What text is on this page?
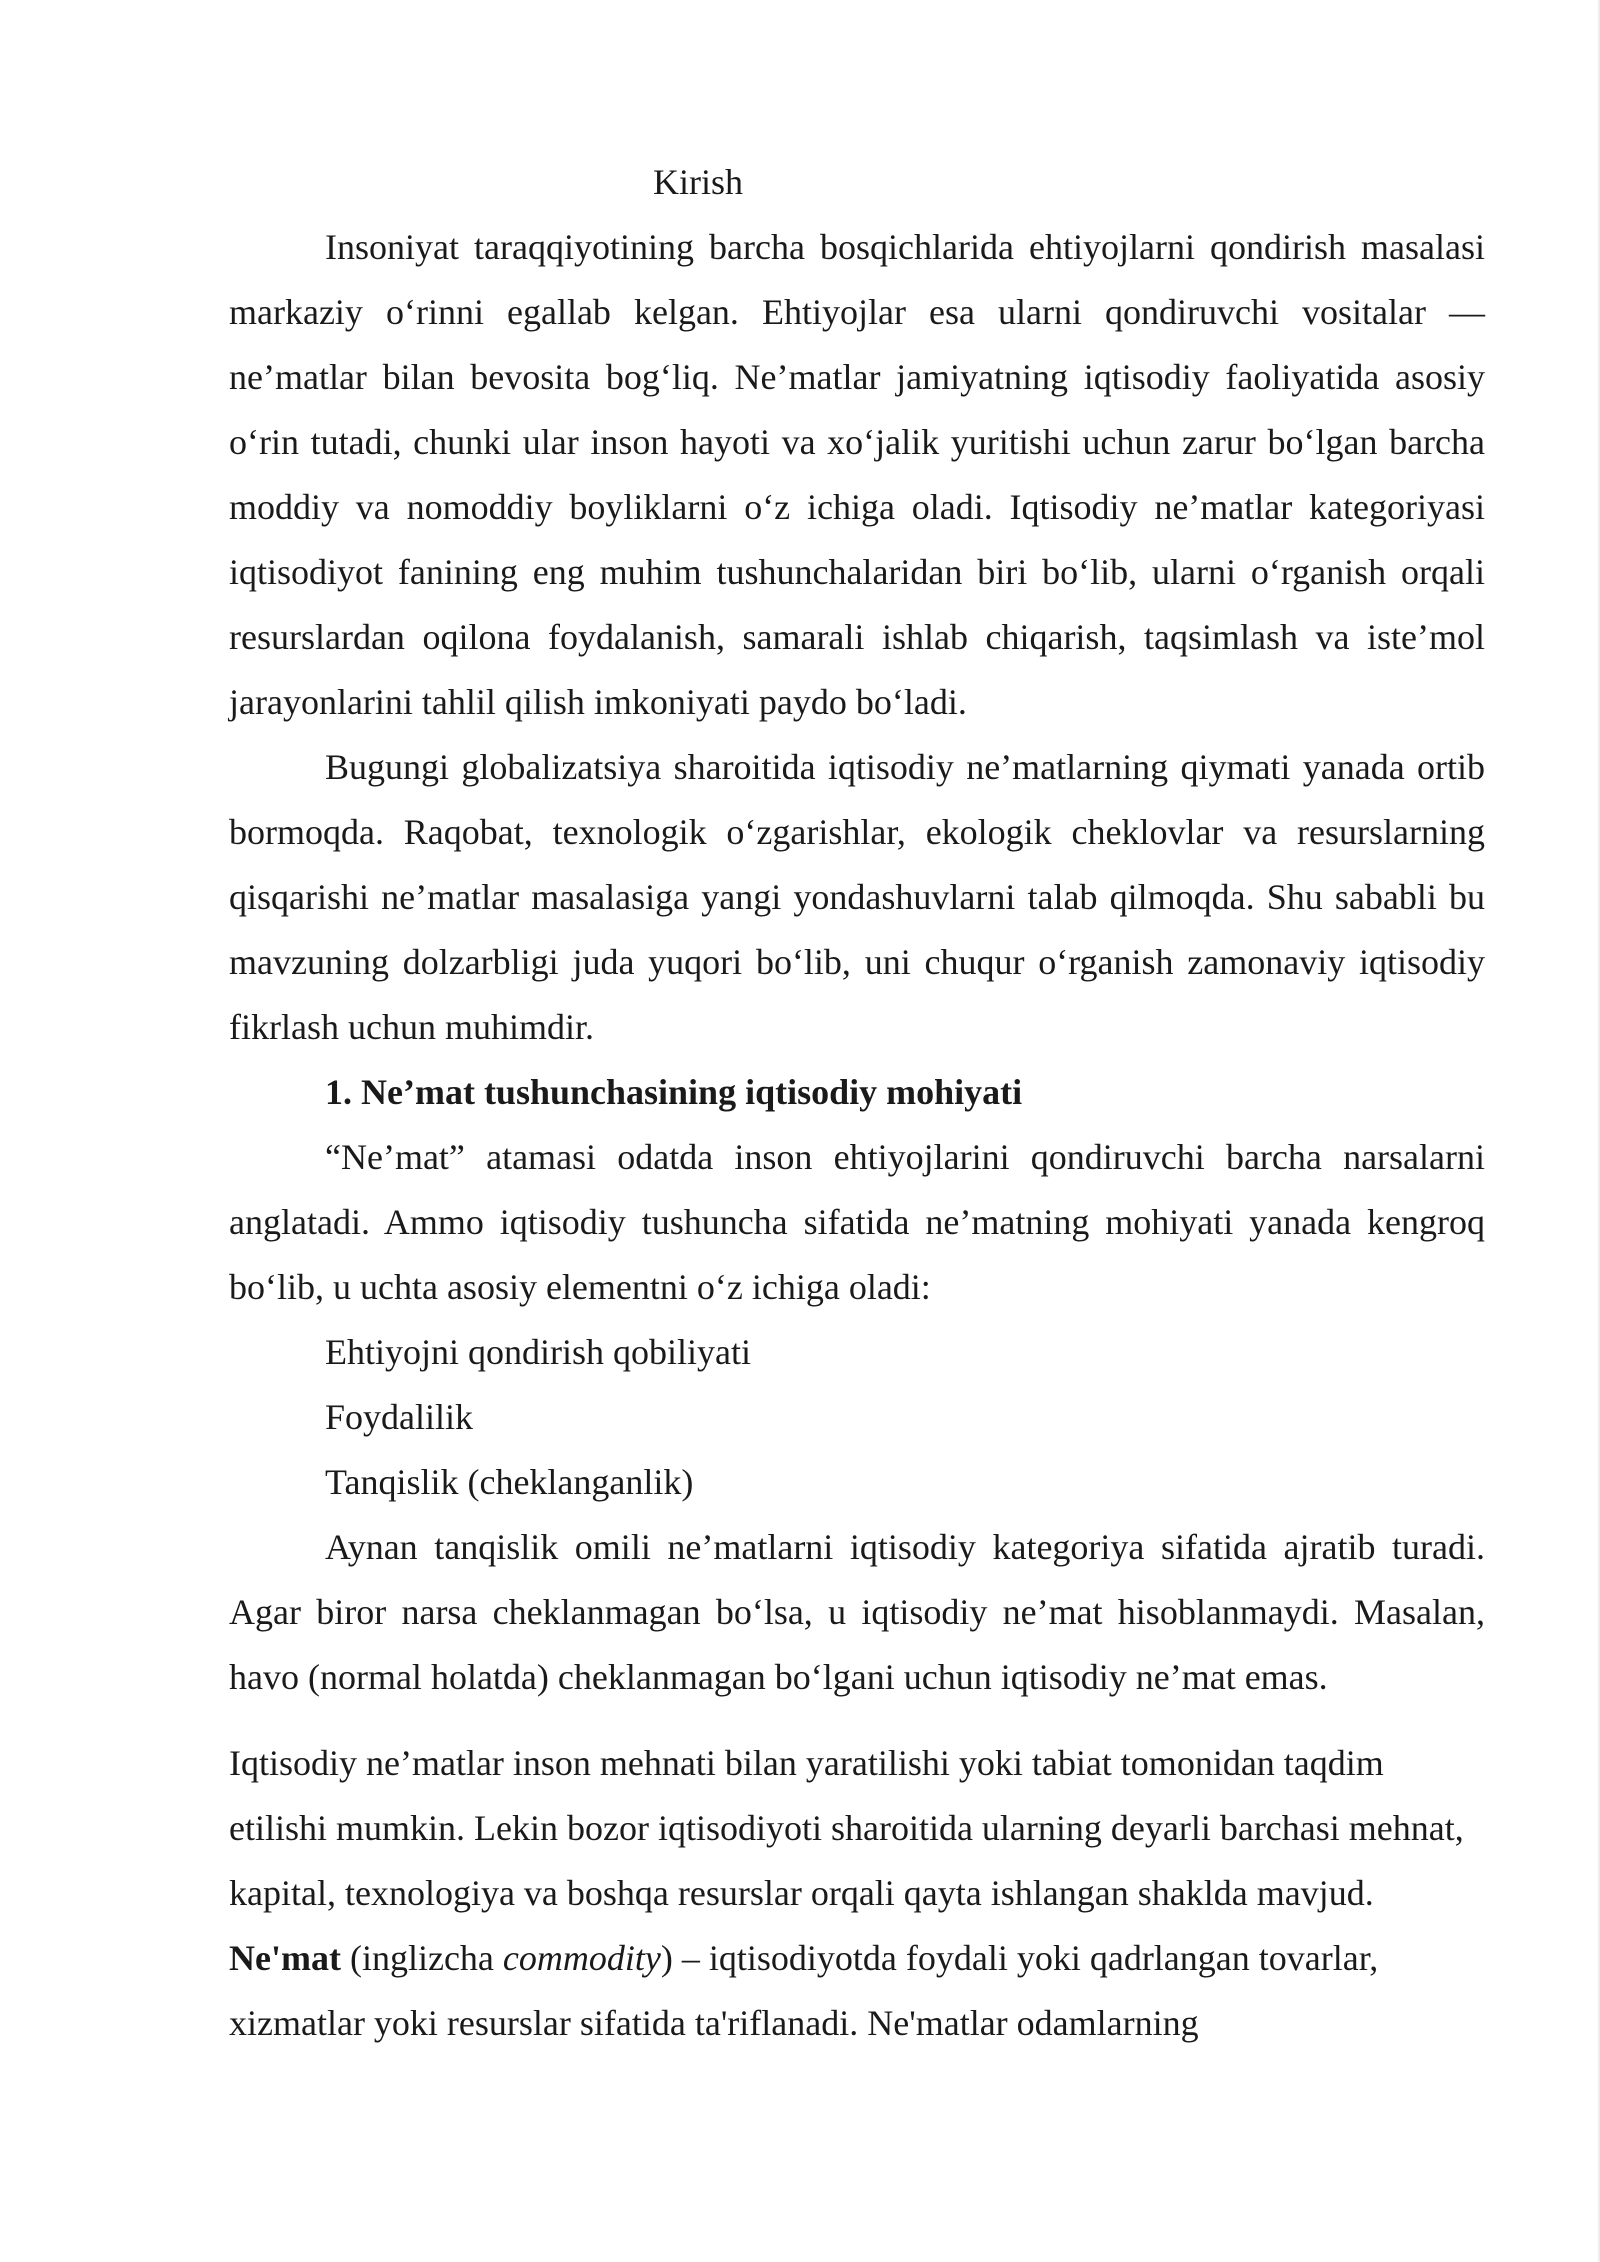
Kirish

Insoniyat taraqqiyotining barcha bosqichlarida ehtiyojlarni qondirish masalasi markaziy o‘rinni egallab kelgan. Ehtiyojlar esa ularni qondiruvchi vositalar — ne’matlar bilan bevosita bog‘liq. Ne’matlar jamiyatning iqtisodiy faoliyatida asosiy o‘rin tutadi, chunki ular inson hayoti va xo‘jalik yuritishi uchun zarur bo‘lgan barcha moddiy va nomoddiy boyliklarni o‘z ichiga oladi. Iqtisodiy ne’matlar kategoriyasi iqtisodiyot fanining eng muhim tushunchalaridan biri bo‘lib, ularni o‘rganish orqali resurslardan oqilona foydalanish, samarali ishlab chiqarish, taqsimlash va iste’mol jarayonlarini tahlil qilish imkoniyati paydo bo‘ladi.

Bugungi globalizatsiya sharoitida iqtisodiy ne’matlarning qiymati yanada ortib bormoqda. Raqobat, texnologik o‘zgarishlar, ekologik cheklovlar va resurslarning qisqarishi ne’matlar masalasiga yangi yondashuvlarni talab qilmoqda. Shu sababli bu mavzuning dolzarbligi juda yuqori bo‘lib, uni chuqur o‘rganish zamonaviy iqtisodiy fikrlash uchun muhimdir.

1. Ne’mat tushunchasining iqtisodiy mohiyati

“Ne’mat” atamasi odatda inson ehtiyojlarini qondiruvchi barcha narsalarni anglatadi. Ammo iqtisodiy tushuncha sifatida ne’matning mohiyati yanada kengroq bo‘lib, u uchta asosiy elementni o‘z ichiga oladi:

Ehtiyojni qondirish qobiliyati

Foydalilik

Tanqislik (cheklanganlik)

Aynan tanqislik omili ne’matlarni iqtisodiy kategoriya sifatida ajratib turadi. Agar biror narsa cheklanmagan bo‘lsa, u iqtisodiy ne’mat hisoblanmaydi. Masalan, havo (normal holatda) cheklanmagan bo‘lgani uchun iqtisodiy ne’mat emas.

Iqtisodiy ne’matlar inson mehnati bilan yaratilishi yoki tabiat tomonidan taqdim etilishi mumkin. Lekin bozor iqtisodiyoti sharoitida ularning deyarli barchasi mehnat, kapital, texnologiya va boshqa resurslar orqali qayta ishlangan shaklda mavjud. Ne'mat (inglizcha commodity) – iqtisodiyotda foydali yoki qadrlangan tovarlar, xizmatlar yoki resurslar sifatida ta'riflanadi. Ne'matlar odamlarning
